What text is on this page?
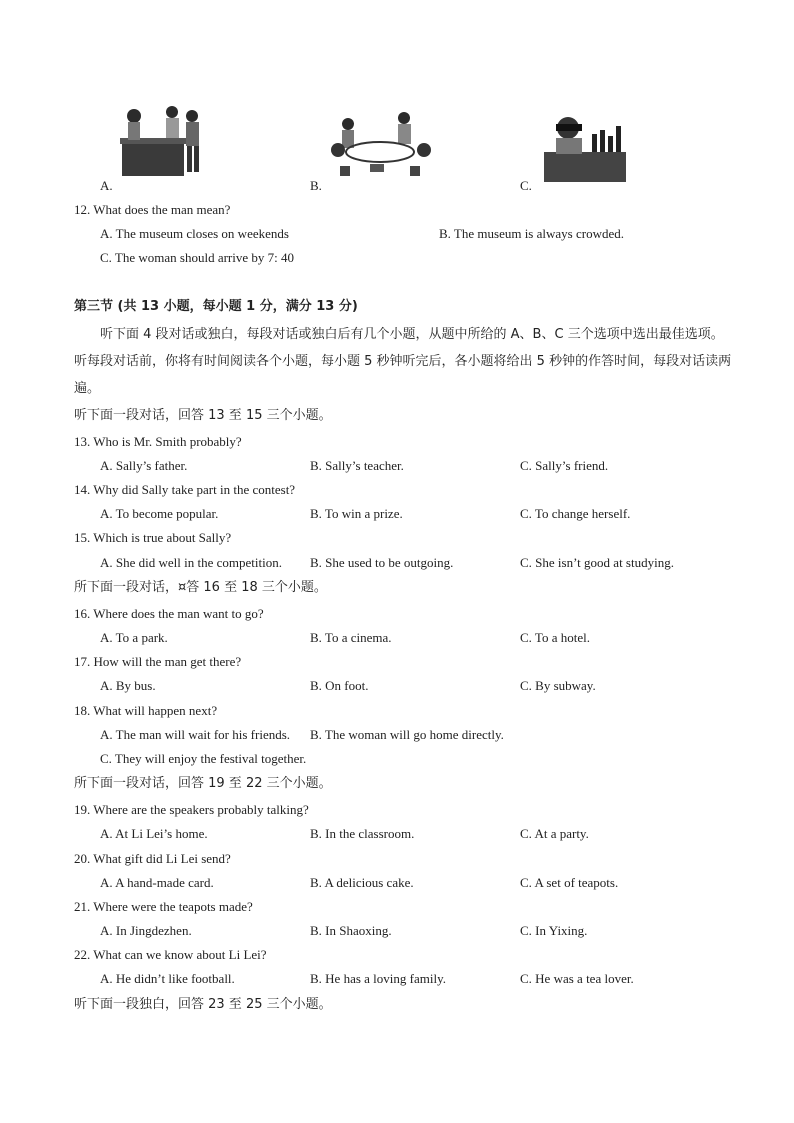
A.	B.	C.
12. What does the man mean?
A. The museum closes on weekends	B. The museum is always crowded.
C. The woman should arrive by 7: 40
第三节 (共 13 小题，每小题 1 分，满分 13 分)
听下面 4 段对话或独白，每段对话或独白后有几个小题，从题中所给的 A、B、C 三个选项中选出最佳选项。听每段对话前，你将有时间阅读各个小题，每小题 5 秒钟听完后，各小题将给出 5 秒钟的作答时间，每段对话读两遍。
听下面一段对话，回答 13 至 15 三个小题。
13. Who is Mr. Smith probably?
A. Sally’s father.	B. Sally’s teacher.	C. Sally’s friend.
14. Why did Sally take part in the contest?
A. To become popular.	B. To win a prize.	C. To change herself.
15. Which is true about Sally?
A. She did well in the competition. B. She used to be outgoing.	C. She isn’t good at studying.
所下面一段对话，¤答 16 至 18 三个小题。
16. Where does the man want to go?
A. To a park.	B. To a cinema.	C. To a hotel.
17. How will the man get there?
A. By bus.	B. On foot.	C. By subway.
18. What will happen next?
A. The man will wait for his friends. B. The woman will go home directly.
C. They will enjoy the festival together.
所下面一段对话，回答 19 至 22 三个小题。
19. Where are the speakers probably talking?
A. At Li Lei’s home.	B. In the classroom.	C. At a party.
20. What gift did Li Lei send?
A. A hand-made card.	B. A delicious cake.	C. A set of teapots.
21. Where were the teapots made?
A. In Jingdezhen.	B. In Shaoxing.	C. In Yixing.
22. What can we know about Li Lei?
A. He didn’t like football.	B. He has a loving family.	C. He was a tea lover.
听下面一段独白，回答 23 至 25 三个小题。
